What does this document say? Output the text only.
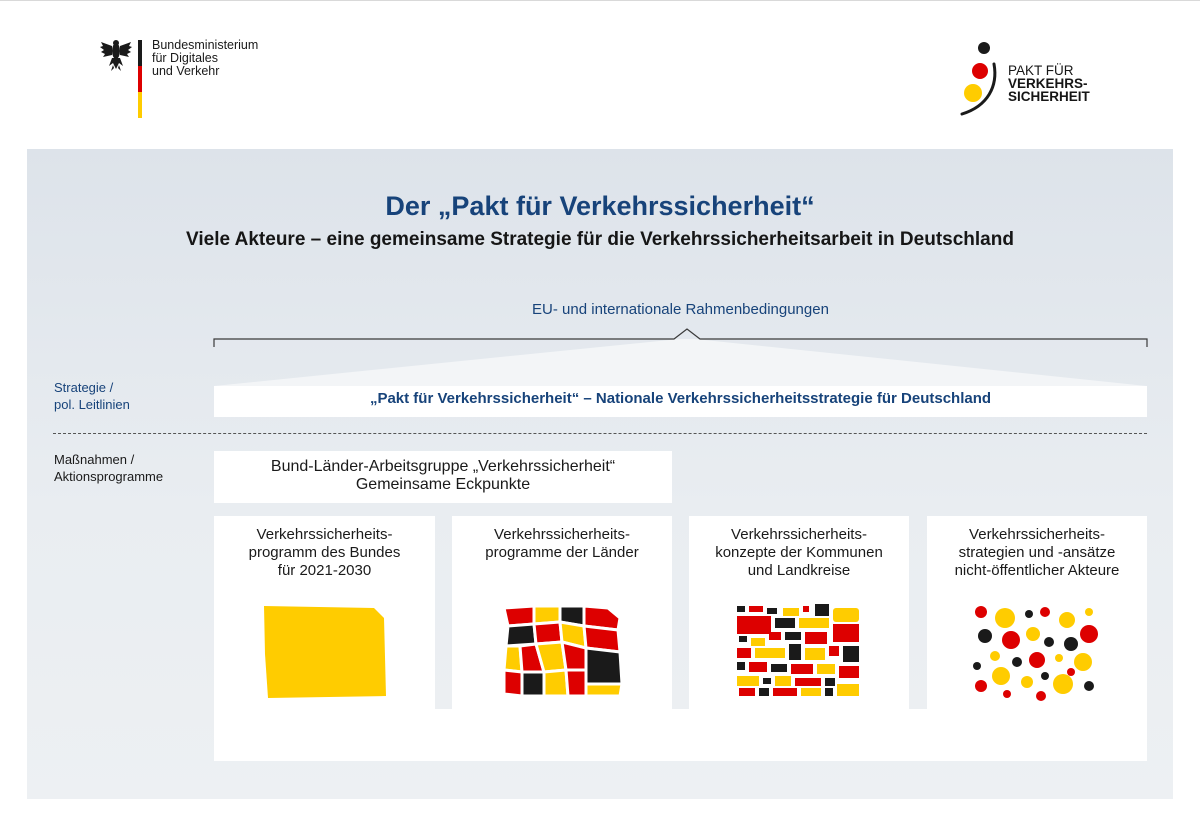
Bundesministerium
für Digitales
und Verkehr	PAKT FÜR
VERKEHRS-
SICHERHEIT
Der „Pakt für Verkehrssicherheit“
Viele Akteure – eine gemeinsame Strategie für die Verkehrssicherheitsarbeit in Deutschland
EU- und internationale Rahmenbedingungen
Strategie /
pol. Leitlinien	„Pakt für Verkehrssicherheit“ – Nationale Verkehrssicherheitsstrategie für Deutschland
Maßnahmen /
Aktionsprogramme
Bund-Länder-Arbeitsgruppe „Verkehrssicherheit“
Gemeinsame Eckpunkte
Verkehrssicherheits-
programm des Bundes
für 2021-2030
Verkehrssicherheits-
programme der Länder
Verkehrssicherheits-
konzepte der Kommunen
und Landkreise
Verkehrssicherheits-
strategien und -ansätze
nicht-öffentlicher Akteure
